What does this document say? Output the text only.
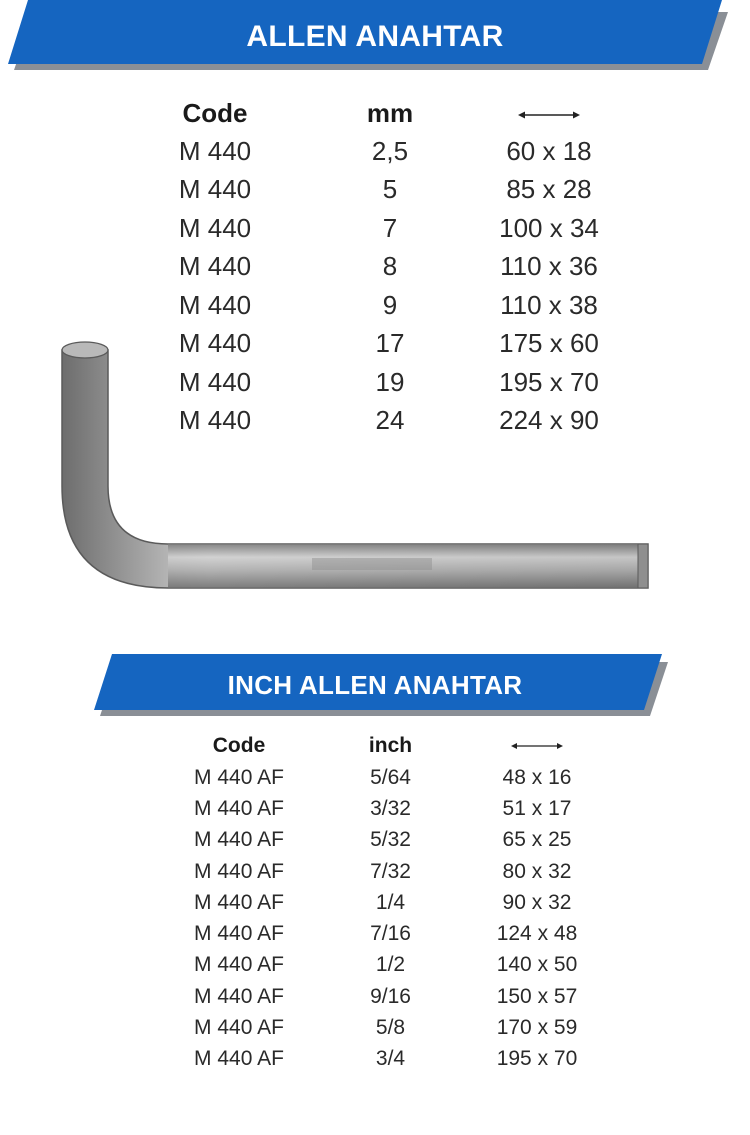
ALLEN ANAHTAR
Code	mm	
M 440	2,5	60 x 18
M 440	5	85 x 28
M 440	7	100 x 34
M 440	8	110 x 36
M 440	9	110 x 38
M 440	17	175 x 60
M 440	19	195 x 70
M 440	24	224 x 90
INCH ALLEN ANAHTAR
Code	inch	
M 440 AF	5/64	48 x 16
M 440 AF	3/32	51 x 17
M 440 AF	5/32	65 x 25
M 440 AF	7/32	80 x 32
M 440 AF	1/4	90 x 32
M 440 AF	7/16	124 x 48
M 440 AF	1/2	140 x 50
M 440 AF	9/16	150 x 57
M 440 AF	5/8	170 x 59
M 440 AF	3/4	195 x 70
